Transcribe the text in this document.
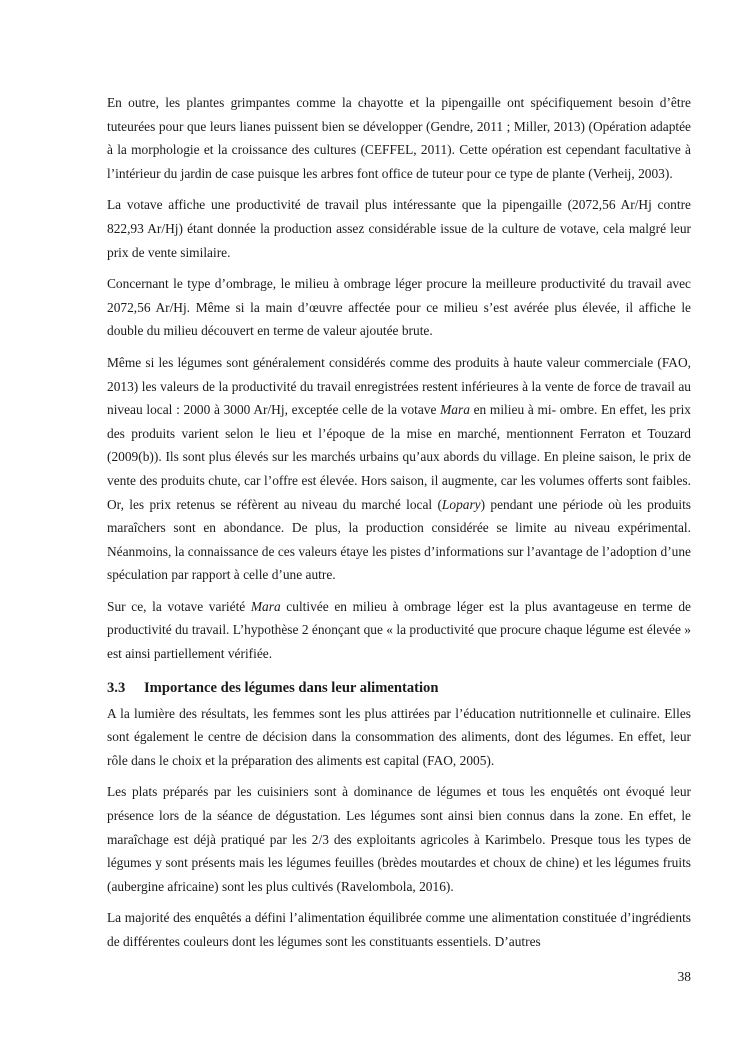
En outre, les plantes grimpantes comme la chayotte et la pipengaille ont spécifiquement besoin d’être tuteurées pour que leurs lianes puissent bien se développer (Gendre, 2011 ; Miller, 2013) (Opération adaptée à la morphologie et la croissance des cultures (CEFFEL, 2011). Cette opération est cependant facultative à l’intérieur du jardin de case puisque les arbres font office de tuteur pour ce type de plante (Verheij, 2003).

La votave affiche une productivité de travail plus intéressante que la pipengaille (2072,56 Ar/Hj contre 822,93 Ar/Hj) étant donnée la production assez considérable issue de la culture de votave, cela malgré leur prix de vente similaire.

Concernant le type d’ombrage, le milieu à ombrage léger procure la meilleure productivité du travail avec 2072,56 Ar/Hj. Même si la main d’œuvre affectée pour ce milieu s’est avérée plus élevée, il affiche le double du milieu découvert en terme de valeur ajoutée brute.

Même si les légumes sont généralement considérés comme des produits à haute valeur commerciale (FAO, 2013) les valeurs de la productivité du travail enregistrées restent inférieures à la vente de force de travail au niveau local : 2000 à 3000 Ar/Hj, exceptée celle de la votave Mara en milieu à mi- ombre. En effet, les prix des produits varient selon le lieu et l’époque de la mise en marché, mentionnent Ferraton et Touzard (2009(b)). Ils sont plus élevés sur les marchés urbains qu’aux abords du village. En pleine saison, le prix de vente des produits chute, car l’offre est élevée. Hors saison, il augmente, car les volumes offerts sont faibles. Or, les prix retenus se réfèrent au niveau du marché local (Lopary) pendant une période où les produits maraîchers sont en abondance. De plus, la production considérée se limite au niveau expérimental. Néanmoins, la connaissance de ces valeurs étaye les pistes d’informations sur l’avantage de l’adoption d’une spéculation par rapport à celle d’une autre.

Sur ce, la votave variété Mara cultivée en milieu à ombrage léger est la plus avantageuse en terme de productivité du travail. L’hypothèse 2 énonçant que « la productivité que procure chaque légume est élevée » est ainsi partiellement vérifiée.

3.3 Importance des légumes dans leur alimentation

A la lumière des résultats, les femmes sont les plus attirées par l’éducation nutritionnelle et culinaire. Elles sont également le centre de décision dans la consommation des aliments, dont des légumes. En effet, leur rôle dans le choix et la préparation des aliments est capital (FAO, 2005).

Les plats préparés par les cuisiniers sont à dominance de légumes et tous les enquêtés ont évoqué leur présence lors de la séance de dégustation. Les légumes sont ainsi bien connus dans la zone. En effet, le maraîchage est déjà pratiqué par les 2/3 des exploitants agricoles à Karimbelo. Presque tous les types de légumes y sont présents mais les légumes feuilles (brèdes moutardes et choux de chine) et les légumes fruits (aubergine africaine) sont les plus cultivés (Ravelombola, 2016).

La majorité des enquêtés a défini l’alimentation équilibrée comme une alimentation constituée d’ingrédients de différentes couleurs dont les légumes sont les constituants essentiels. D’autres

38
